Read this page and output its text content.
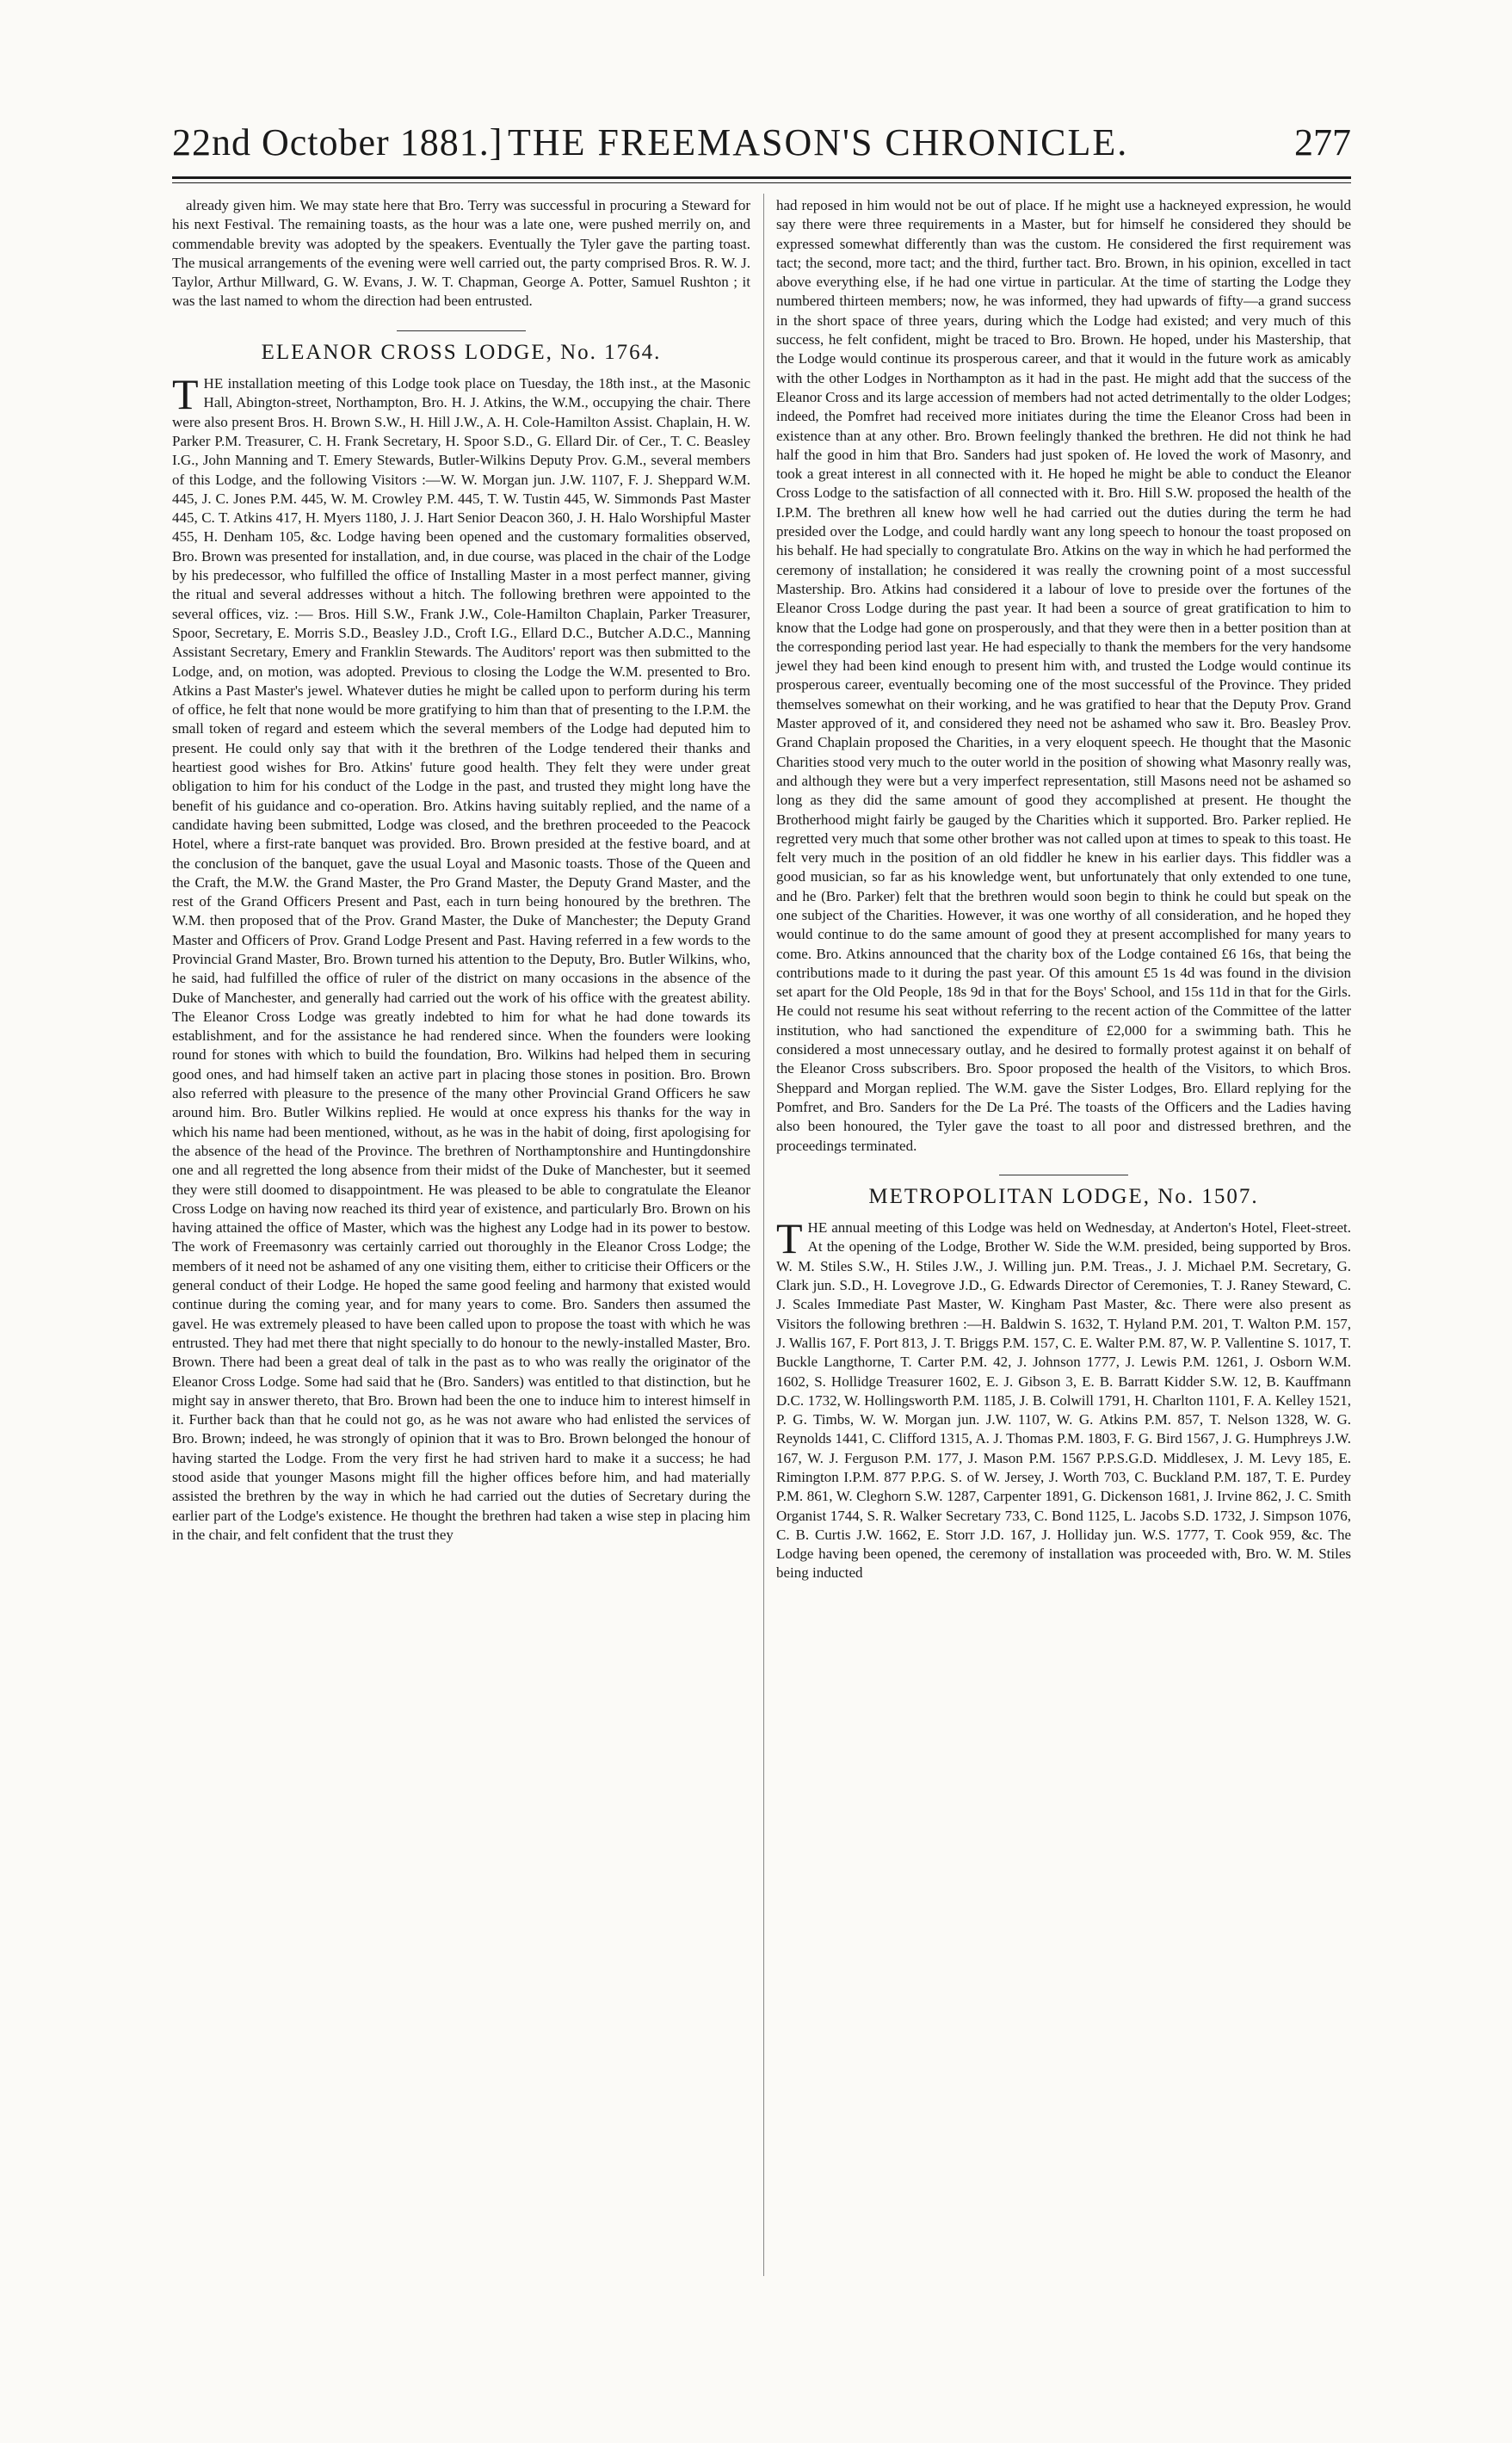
22nd October 1881.] THE FREEMASON'S CHRONICLE.	277

already given him. We may state here that Bro. Terry was successful in procuring a Steward for his next Festival. The remaining toasts, as the hour was a late one, were pushed merrily on, and commendable brevity was adopted by the speakers. Eventually the Tyler gave the parting toast. The musical arrangements of the evening were well carried out, the party comprised Bros. R. W. J. Taylor, Arthur Millward, G. W. Evans, J. W. T. Chapman, George A. Potter, Samuel Rushton ; it was the last named to whom the direction had been entrusted.

ELEANOR CROSS LODGE, No. 1764.

THE installation meeting of this Lodge took place on Tuesday, the 18th inst., at the Masonic Hall, Abington-street, Northampton, Bro. H. J. Atkins, the W.M., occupying the chair. There were also present Bros. H. Brown S.W., H. Hill J.W., A. H. Cole-Hamilton Assist. Chaplain, H. W. Parker P.M. Treasurer, C. H. Frank Secretary, H. Spoor S.D., G. Ellard Dir. of Cer., T. C. Beasley I.G., John Manning and T. Emery Stewards, Butler-Wilkins Deputy Prov. G.M., several members of this Lodge, and the following Visitors :—W. W. Morgan jun. J.W. 1107, F. J. Sheppard W.M. 445, J. C. Jones P.M. 445, W. M. Crowley P.M. 445, T. W. Tustin 445, W. Simmonds Past Master 445, C. T. Atkins 417, H. Myers 1180, J. J. Hart Senior Deacon 360, J. H. Halo Worshipful Master 455, H. Denham 105, &c. Lodge having been opened and the customary formalities observed, Bro. Brown was presented for installation, and, in due course, was placed in the chair of the Lodge by his predecessor, who fulfilled the office of Installing Master in a most perfect manner, giving the ritual and several addresses without a hitch. The following brethren were appointed to the several offices, viz. :— Bros. Hill S.W., Frank J.W., Cole-Hamilton Chaplain, Parker Treasurer, Spoor, Secretary, E. Morris S.D., Beasley J.D., Croft I.G., Ellard D.C., Butcher A.D.C., Manning Assistant Secretary, Emery and Franklin Stewards. The Auditors' report was then submitted to the Lodge, and, on motion, was adopted. Previous to closing the Lodge the W.M. presented to Bro. Atkins a Past Master's jewel. Whatever duties he might be called upon to perform during his term of office, he felt that none would be more gratifying to him than that of presenting to the I.P.M. the small token of regard and esteem which the several members of the Lodge had deputed him to present. He could only say that with it the brethren of the Lodge tendered their thanks and heartiest good wishes for Bro. Atkins' future good health. They felt they were under great obligation to him for his conduct of the Lodge in the past, and trusted they might long have the benefit of his guidance and co-operation. Bro. Atkins having suitably replied, and the name of a candidate having been submitted, Lodge was closed, and the brethren proceeded to the Peacock Hotel, where a first-rate banquet was provided. Bro. Brown presided at the festive board, and at the conclusion of the banquet, gave the usual Loyal and Masonic toasts. Those of the Queen and the Craft, the M.W. the Grand Master, the Pro Grand Master, the Deputy Grand Master, and the rest of the Grand Officers Present and Past, each in turn being honoured by the brethren. The W.M. then proposed that of the Prov. Grand Master, the Duke of Manchester; the Deputy Grand Master and Officers of Prov. Grand Lodge Present and Past. Having referred in a few words to the Provincial Grand Master, Bro. Brown turned his attention to the Deputy, Bro. Butler Wilkins, who, he said, had fulfilled the office of ruler of the district on many occasions in the absence of the Duke of Manchester, and generally had carried out the work of his office with the greatest ability. The Eleanor Cross Lodge was greatly indebted to him for what he had done towards its establishment, and for the assistance he had rendered since. When the founders were looking round for stones with which to build the foundation, Bro. Wilkins had helped them in securing good ones, and had himself taken an active part in placing those stones in position. Bro. Brown also referred with pleasure to the presence of the many other Provincial Grand Officers he saw around him. Bro. Butler Wilkins replied. He would at once express his thanks for the way in which his name had been mentioned, without, as he was in the habit of doing, first apologising for the absence of the head of the Province. The brethren of Northamptonshire and Huntingdonshire one and all regretted the long absence from their midst of the Duke of Manchester, but it seemed they were still doomed to disappointment. He was pleased to be able to congratulate the Eleanor Cross Lodge on having now reached its third year of existence, and particularly Bro. Brown on his having attained the office of Master, which was the highest any Lodge had in its power to bestow. The work of Freemasonry was certainly carried out thoroughly in the Eleanor Cross Lodge; the members of it need not be ashamed of any one visiting them, either to criticise their Officers or the general conduct of their Lodge. He hoped the same good feeling and harmony that existed would continue during the coming year, and for many years to come. Bro. Sanders then assumed the gavel. He was extremely pleased to have been called upon to propose the toast with which he was entrusted. They had met there that night specially to do honour to the newly-installed Master, Bro. Brown. There had been a great deal of talk in the past as to who was really the originator of the Eleanor Cross Lodge. Some had said that he (Bro. Sanders) was entitled to that distinction, but he might say in answer thereto, that Bro. Brown had been the one to induce him to interest himself in it. Further back than that he could not go, as he was not aware who had enlisted the services of Bro. Brown; indeed, he was strongly of opinion that it was to Bro. Brown belonged the honour of having started the Lodge. From the very first he had striven hard to make it a success; he had stood aside that younger Masons might fill the higher offices before him, and had materially assisted the brethren by the way in which he had carried out the duties of Secretary during the earlier part of the Lodge's existence. He thought the brethren had taken a wise step in placing him in the chair, and felt confident that the trust they

had reposed in him would not be out of place. If he might use a hackneyed expression, he would say there were three requirements in a Master, but for himself he considered they should be expressed somewhat differently than was the custom. He considered the first requirement was tact; the second, more tact; and the third, further tact. Bro. Brown, in his opinion, excelled in tact above everything else, if he had one virtue in particular. At the time of starting the Lodge they numbered thirteen members; now, he was informed, they had upwards of fifty—a grand success in the short space of three years, during which the Lodge had existed; and very much of this success, he felt confident, might be traced to Bro. Brown. He hoped, under his Mastership, that the Lodge would continue its prosperous career, and that it would in the future work as amicably with the other Lodges in Northampton as it had in the past. He might add that the success of the Eleanor Cross and its large accession of members had not acted detrimentally to the older Lodges; indeed, the Pomfret had received more initiates during the time the Eleanor Cross had been in existence than at any other. Bro. Brown feelingly thanked the brethren. He did not think he had half the good in him that Bro. Sanders had just spoken of. He loved the work of Masonry, and took a great interest in all connected with it. He hoped he might be able to conduct the Eleanor Cross Lodge to the satisfaction of all connected with it. Bro. Hill S.W. proposed the health of the I.P.M. The brethren all knew how well he had carried out the duties during the term he had presided over the Lodge, and could hardly want any long speech to honour the toast proposed on his behalf. He had specially to congratulate Bro. Atkins on the way in which he had performed the ceremony of installation; he considered it was really the crowning point of a most successful Mastership. Bro. Atkins had considered it a labour of love to preside over the fortunes of the Eleanor Cross Lodge during the past year. It had been a source of great gratification to him to know that the Lodge had gone on prosperously, and that they were then in a better position than at the corresponding period last year. He had especially to thank the members for the very handsome jewel they had been kind enough to present him with, and trusted the Lodge would continue its prosperous career, eventually becoming one of the most successful of the Province. They prided themselves somewhat on their working, and he was gratified to hear that the Deputy Prov. Grand Master approved of it, and considered they need not be ashamed who saw it. Bro. Beasley Prov. Grand Chaplain proposed the Charities, in a very eloquent speech. He thought that the Masonic Charities stood very much to the outer world in the position of showing what Masonry really was, and although they were but a very imperfect representation, still Masons need not be ashamed so long as they did the same amount of good they accomplished at present. He thought the Brotherhood might fairly be gauged by the Charities which it supported. Bro. Parker replied. He regretted very much that some other brother was not called upon at times to speak to this toast. He felt very much in the position of an old fiddler he knew in his earlier days. This fiddler was a good musician, so far as his knowledge went, but unfortunately that only extended to one tune, and he (Bro. Parker) felt that the brethren would soon begin to think he could but speak on the one subject of the Charities. However, it was one worthy of all consideration, and he hoped they would continue to do the same amount of good they at present accomplished for many years to come. Bro. Atkins announced that the charity box of the Lodge contained £6 16s, that being the contributions made to it during the past year. Of this amount £5 1s 4d was found in the division set apart for the Old People, 18s 9d in that for the Boys' School, and 15s 11d in that for the Girls. He could not resume his seat without referring to the recent action of the Committee of the latter institution, who had sanctioned the expenditure of £2,000 for a swimming bath. This he considered a most unnecessary outlay, and he desired to formally protest against it on behalf of the Eleanor Cross subscribers. Bro. Spoor proposed the health of the Visitors, to which Bros. Sheppard and Morgan replied. The W.M. gave the Sister Lodges, Bro. Ellard replying for the Pomfret, and Bro. Sanders for the De La Pré. The toasts of the Officers and the Ladies having also been honoured, the Tyler gave the toast to all poor and distressed brethren, and the proceedings terminated.

METROPOLITAN LODGE, No. 1507.

THE annual meeting of this Lodge was held on Wednesday, at Anderton's Hotel, Fleet-street. At the opening of the Lodge, Brother W. Side the W.M. presided, being supported by Bros. W. M. Stiles S.W., H. Stiles J.W., J. Willing jun. P.M. Treas., J. J. Michael P.M. Secretary, G. Clark jun. S.D., H. Lovegrove J.D., G. Edwards Director of Ceremonies, T. J. Raney Steward, C. J. Scales Immediate Past Master, W. Kingham Past Master, &c. There were also present as Visitors the following brethren :—H. Baldwin S. 1632, T. Hyland P.M. 201, T. Walton P.M. 157, J. Wallis 167, F. Port 813, J. T. Briggs P.M. 157, C. E. Walter P.M. 87, W. P. Vallentine S. 1017, T. Buckle Langthorne, T. Carter P.M. 42, J. Johnson 1777, J. Lewis P.M. 1261, J. Osborn W.M. 1602, S. Hollidge Treasurer 1602, E. J. Gibson 3, E. B. Barratt Kidder S.W. 12, B. Kauffmann D.C. 1732, W. Hollingsworth P.M. 1185, J. B. Colwill 1791, H. Charlton 1101, F. A. Kelley 1521, P. G. Timbs, W. W. Morgan jun. J.W. 1107, W. G. Atkins P.M. 857, T. Nelson 1328, W. G. Reynolds 1441, C. Clifford 1315, A. J. Thomas P.M. 1803, F. G. Bird 1567, J. G. Humphreys J.W. 167, W. J. Ferguson P.M. 177, J. Mason P.M. 1567 P.P.S.G.D. Middlesex, J. M. Levy 185, E. Rimington I.P.M. 877 P.P.G. S. of W. Jersey, J. Worth 703, C. Buckland P.M. 187, T. E. Purdey P.M. 861, W. Cleghorn S.W. 1287, Carpenter 1891, G. Dickenson 1681, J. Irvine 862, J. C. Smith Organist 1744, S. R. Walker Secretary 733, C. Bond 1125, L. Jacobs S.D. 1732, J. Simpson 1076, C. B. Curtis J.W. 1662, E. Storr J.D. 167, J. Holliday jun. W.S. 1777, T. Cook 959, &c. The Lodge having been opened, the ceremony of installation was proceeded with, Bro. W. M. Stiles being inducted
